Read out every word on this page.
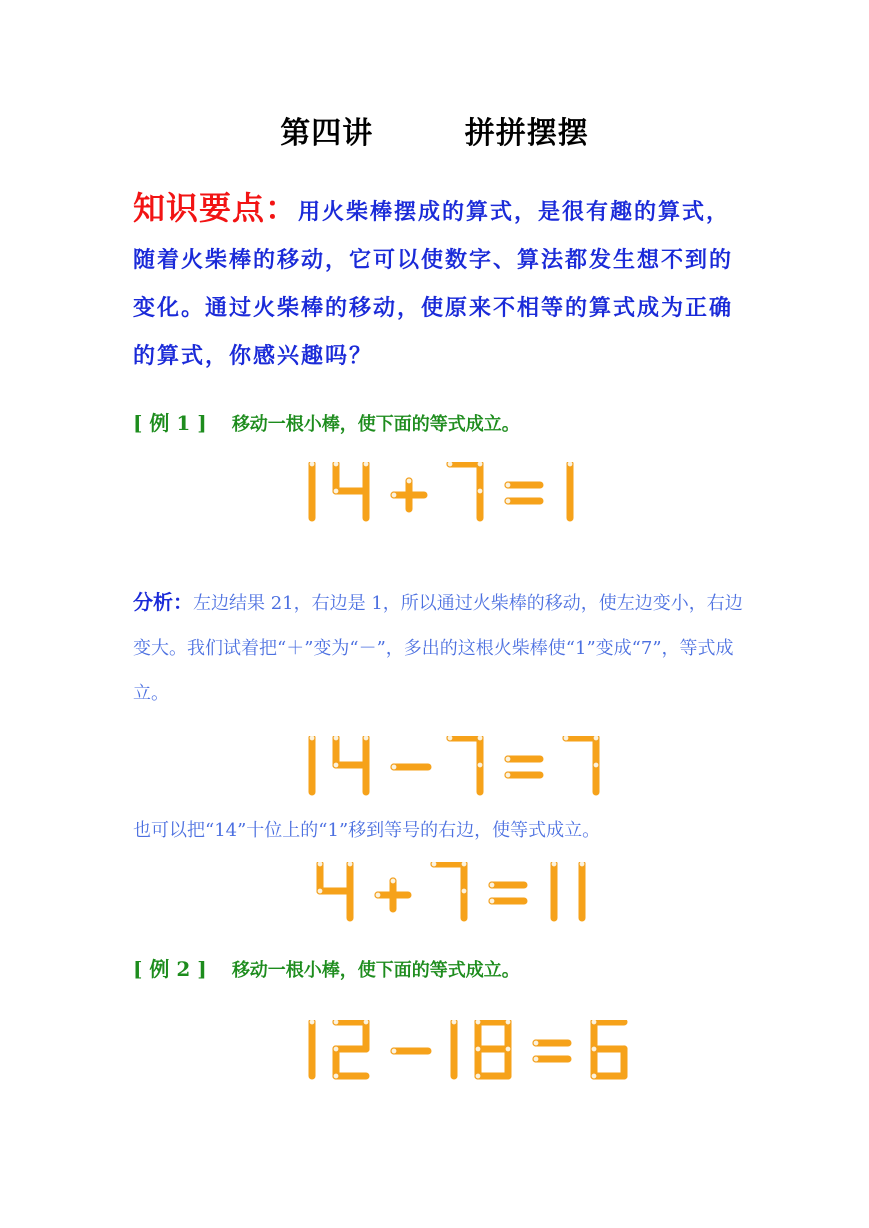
第四讲        拼拼摆摆
知识要点：用火柴棒摆成的算式，是很有趣的算式，随着火柴棒的移动，它可以使数字、算法都发生想不到的变化。通过火柴棒的移动，使原来不相等的算式成为正确的算式，你感兴趣吗？
[ 例 1 ] 移动一根小棒，使下面的等式成立。
分析：左边结果 21，右边是 1，所以通过火柴棒的移动，使左边变小，右边变大。我们试着把“＋”变为“－”，多出的这根火柴棒使“1”变成“7”，等式成立。
也可以把“14”十位上的“1”移到等号的右边，使等式成立。
[ 例 2 ] 移动一根小棒，使下面的等式成立。
